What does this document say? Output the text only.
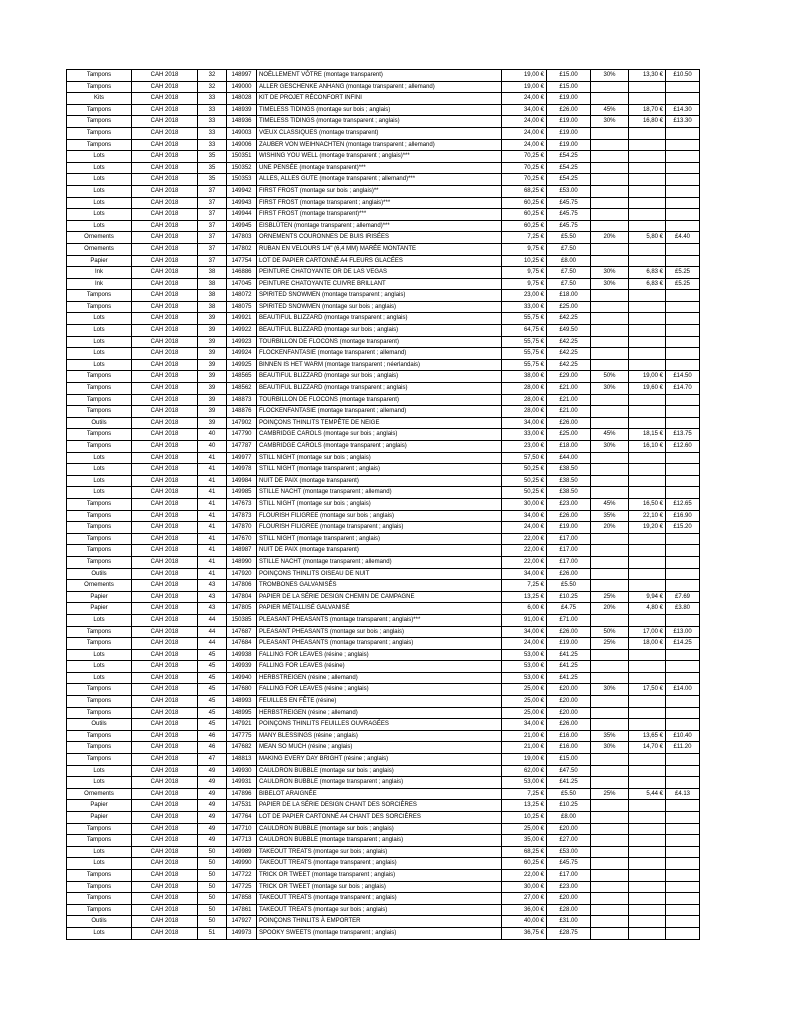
Tampons	CAH 2018	32	148997	NOËLLEMENT VÔTRE (montage transparent)	19,00 €	£15.00	30%	13,30 €	£10.50
Tampons	CAH 2018	32	149000	ALLER GESCHENKE ANHANG (montage transparent ; allemand)	19,00 €	£15.00			
Kits	CAH 2018	33	148028	KIT DE PROJET RÉCONFORT INFINI	24,00 €	£19.00			
Tampons	CAH 2018	33	148939	TIMELESS TIDINGS (montage sur bois ; anglais)	34,00 €	£26.00	45%	18,70 €	£14.30
Tampons	CAH 2018	33	148936	TIMELESS TIDINGS (montage transparent ; anglais)	24,00 €	£19.00	30%	16,80 €	£13.30
Tampons	CAH 2018	33	149003	VŒUX CLASSIQUES (montage transparent)	24,00 €	£19.00			
Tampons	CAH 2018	33	149006	ZAUBER VON WEIHNACHTEN (montage transparent ; allemand)	24,00 €	£19.00			
Lots	CAH 2018	35	150351	WISHING YOU WELL (montage transparent ; anglais)***	70,25 €	£54.25			
Lots	CAH 2018	35	150352	UNE PENSÉE (montage transparent)***	70,25 €	£54.25			
Lots	CAH 2018	35	150353	ALLES, ALLES GUTE (montage transparent ; allemand)***	70,25 €	£54.25			
Lots	CAH 2018	37	149942	FIRST FROST (montage sur bois ; anglais)**	68,25 €	£53.00			
Lots	CAH 2018	37	149943	FIRST FROST (montage transparent ; anglais)***	60,25 €	£45.75			
Lots	CAH 2018	37	149944	FIRST FROST (montage transparent)***	60,25 €	£45.75			
Lots	CAH 2018	37	149945	EISBLÜTEN (montage transparent ; allemand)***	60,25 €	£45.75			
Ornements	CAH 2018	37	147803	ORNEMENTS COURONNES DE BUIS IRISÉES	7,25 €	£5.50	20%	5,80 €	£4.40
Ornements	CAH 2018	37	147802	RUBAN EN VELOURS 1/4" (6,4 MM) MARÉE MONTANTE	9,75 €	£7.50			
Papier	CAH 2018	37	147754	LOT DE PAPIER CARTONNÉ A4 FLEURS GLACÉES	10,25 €	£8.00			
Ink	CAH 2018	38	146886	PEINTURE CHATOYANTE OR DE LAS VEGAS	9,75 €	£7.50	30%	6,83 €	£5.25
Ink	CAH 2018	38	147045	PEINTURE CHATOYANTE CUIVRE BRILLANT	9,75 €	£7.50	30%	6,83 €	£5.25
Tampons	CAH 2018	38	148072	SPIRITED SNOWMEN (montage transparent ; anglais)	23,00 €	£18.00			
Tampons	CAH 2018	38	148075	SPIRITED SNOWMEN (montage sur bois ; anglais)	33,00 €	£25.00			
Lots	CAH 2018	39	149921	BEAUTIFUL BLIZZARD (montage transparent ; anglais)	55,75 €	£42.25			
Lots	CAH 2018	39	149922	BEAUTIFUL BLIZZARD (montage sur bois ; anglais)	64,75 €	£49.50			
Lots	CAH 2018	39	149923	TOURBILLON DE FLOCONS (montage transparent)	55,75 €	£42.25			
Lots	CAH 2018	39	149924	FLOCKENFANTASIE (montage transparent ; allemand)	55,75 €	£42.25			
Lots	CAH 2018	39	149925	BINNEN IS HET WARM (montage transparent ; néerlandais)	55,75 €	£42.25			
Tampons	CAH 2018	39	148565	BEAUTIFUL BLIZZARD (montage sur bois ; anglais)	38,00 €	£29.00	50%	19,00 €	£14.50
Tampons	CAH 2018	39	148562	BEAUTIFUL BLIZZARD (montage transparent ; anglais)	28,00 €	£21.00	30%	19,60 €	£14.70
Tampons	CAH 2018	39	148873	TOURBILLON DE FLOCONS (montage transparent)	28,00 €	£21.00			
Tampons	CAH 2018	39	148876	FLOCKENFANTASIE (montage transparent ; allemand)	28,00 €	£21.00			
Outils	CAH 2018	39	147902	POINÇONS THINLITS TEMPÊTE DE NEIGE	34,00 €	£26.00			
Tampons	CAH 2018	40	147790	CAMBRIDGE CAROLS (montage sur bois ; anglais)	33,00 €	£25.00	45%	18,15 €	£13.75
Tampons	CAH 2018	40	147787	CAMBRIDGE CAROLS (montage transparent ; anglais)	23,00 €	£18.00	30%	16,10 €	£12.60
Lots	CAH 2018	41	149977	STILL NIGHT (montage sur bois ; anglais)	57,50 €	£44.00			
Lots	CAH 2018	41	149978	STILL NIGHT (montage transparent ; anglais)	50,25 €	£38.50			
Lots	CAH 2018	41	149984	NUIT DE PAIX (montage transparent)	50,25 €	£38.50			
Lots	CAH 2018	41	149985	STILLE NACHT (montage transparent ; allemand)	50,25 €	£38.50			
Tampons	CAH 2018	41	147673	STILL NIGHT (montage sur bois ; anglais)	30,00 €	£23.00	45%	16,50 €	£12.65
Tampons	CAH 2018	41	147873	FLOURISH FILIGREE (montage sur bois ; anglais)	34,00 €	£26.00	35%	22,10 €	£16.90
Tampons	CAH 2018	41	147870	FLOURISH FILIGREE (montage transparent ; anglais)	24,00 €	£19.00	20%	19,20 €	£15.20
Tampons	CAH 2018	41	147670	STILL NIGHT (montage transparent ; anglais)	22,00 €	£17.00			
Tampons	CAH 2018	41	148987	NUIT DE PAIX (montage transparent)	22,00 €	£17.00			
Tampons	CAH 2018	41	148990	STILLE NACHT (montage transparent ; allemand)	22,00 €	£17.00			
Outils	CAH 2018	41	147920	POINÇONS THINLITS OISEAU DE NUIT	34,00 €	£26.00			
Ornements	CAH 2018	43	147806	TROMBONES GALVANISÉS	7,25 €	£5.50			
Papier	CAH 2018	43	147804	PAPIER DE LA SÉRIE DESIGN CHEMIN DE CAMPAGNE	13,25 €	£10.25	25%	9,94 €	£7.69
Papier	CAH 2018	43	147805	PAPIER MÉTALLISÉ GALVANISÉ	6,00 €	£4.75	20%	4,80 €	£3.80
Lots	CAH 2018	44	150385	PLEASANT PHEASANTS (montage transparent ; anglais)***	91,00 €	£71.00			
Tampons	CAH 2018	44	147687	PLEASANT PHEASANTS (montage sur bois ; anglais)	34,00 €	£26.00	50%	17,00 €	£13.00
Tampons	CAH 2018	44	147684	PLEASANT PHEASANTS (montage transparent ; anglais)	24,00 €	£19.00	25%	18,00 €	£14.25
Lots	CAH 2018	45	149938	FALLING FOR LEAVES (résine ; anglais)	53,00 €	£41.25			
Lots	CAH 2018	45	149939	FALLING FOR LEAVES (résine)	53,00 €	£41.25			
Lots	CAH 2018	45	149940	HERBSTREIGEN (résine ; allemand)	53,00 €	£41.25			
Tampons	CAH 2018	45	147680	FALLING FOR LEAVES (résine ; anglais)	25,00 €	£20.00	30%	17,50 €	£14.00
Tampons	CAH 2018	45	148993	FEUILLES EN FÊTE (résine)	25,00 €	£20.00			
Tampons	CAH 2018	45	148995	HERBSTREIGEN (résine ; allemand)	25,00 €	£20.00			
Outils	CAH 2018	45	147921	POINÇONS THINLITS FEUILLES OUVRAGÉES	34,00 €	£26.00			
Tampons	CAH 2018	46	147775	MANY BLESSINGS (résine ; anglais)	21,00 €	£16.00	35%	13,65 €	£10.40
Tampons	CAH 2018	46	147682	MEAN SO MUCH (résine ; anglais)	21,00 €	£16.00	30%	14,70 €	£11.20
Tampons	CAH 2018	47	148813	MAKING EVERY DAY BRIGHT (résine ; anglais)	19,00 €	£15.00			
Lots	CAH 2018	49	149930	CAULDRON BUBBLE (montage sur bois ; anglais)	62,00 €	£47.50			
Lots	CAH 2018	49	149931	CAULDRON BUBBLE (montage transparent ; anglais)	53,00 €	£41.25			
Ornements	CAH 2018	49	147896	BIBELOT ARAIGNÉE	7,25 €	£5.50	25%	5,44 €	£4.13
Papier	CAH 2018	49	147531	PAPIER DE LA SÉRIE DESIGN CHANT DES SORCIÈRES	13,25 €	£10.25			
Papier	CAH 2018	49	147764	LOT DE PAPIER CARTONNÉ A4 CHANT DES SORCIÈRES	10,25 €	£8.00			
Tampons	CAH 2018	49	147710	CAULDRON BUBBLE (montage sur bois ; anglais)	25,00 €	£20.00			
Tampons	CAH 2018	49	147713	CAULDRON BUBBLE (montage transparent ; anglais)	35,00 €	£27.00			
Lots	CAH 2018	50	149989	TAKEOUT TREATS (montage sur bois ; anglais)	68,25 €	£53.00			
Lots	CAH 2018	50	149990	TAKEOUT TREATS (montage transparent ; anglais)	60,25 €	£45.75			
Tampons	CAH 2018	50	147722	TRICK OR TWEET (montage transparent ; anglais)	22,00 €	£17.00			
Tampons	CAH 2018	50	147725	TRICK OR TWEET (montage sur bois ; anglais)	30,00 €	£23.00			
Tampons	CAH 2018	50	147858	TAKEOUT TREATS (montage transparent ; anglais)	27,00 €	£20.00			
Tampons	CAH 2018	50	147861	TAKEOUT TREATS (montage sur bois ; anglais)	36,00 €	£28.00			
Outils	CAH 2018	50	147927	POINÇONS THINLITS À EMPORTER	40,00 €	£31.00			
Lots	CAH 2018	51	149973	SPOOKY SWEETS (montage transparent ; anglais)	36,75 €	£28.75			
